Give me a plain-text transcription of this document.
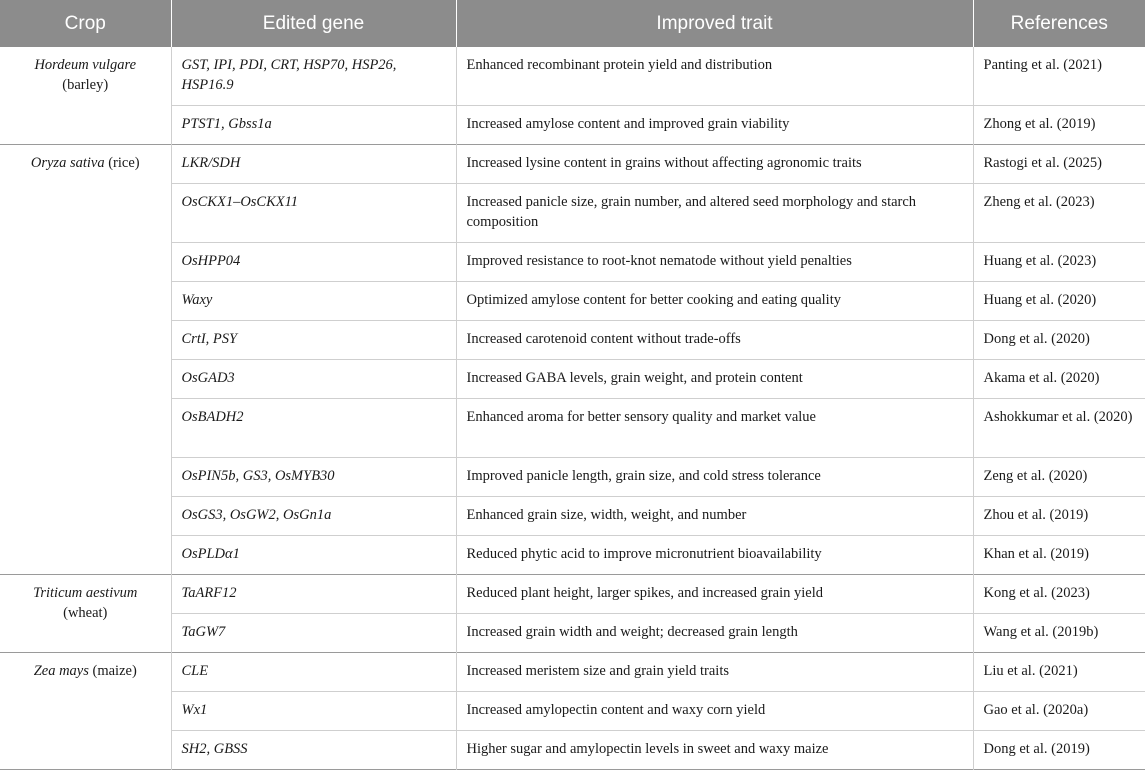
Crop	Edited gene	Improved trait	References
Hordeum vulgare
(barley)	GST, IPI, PDI, CRT, HSP70, HSP26, HSP16.9	Enhanced recombinant protein yield and distribution	Panting et al. (2021)
	PTST1, Gbss1a	Increased amylose content and improved grain viability	Zhong et al. (2019)
Oryza sativa (rice)	LKR/SDH	Increased lysine content in grains without affecting agronomic traits	Rastogi et al. (2025)
	OsCKX1–OsCKX11	Increased panicle size, grain number, and altered seed morphology and starch composition	Zheng et al. (2023)
	OsHPP04	Improved resistance to root-knot nematode without yield penalties	Huang et al. (2023)
	Waxy	Optimized amylose content for better cooking and eating quality	Huang et al. (2020)
	CrtI, PSY	Increased carotenoid content without trade-offs	Dong et al. (2020)
	OsGAD3	Increased GABA levels, grain weight, and protein content	Akama et al. (2020)
	OsBADH2	Enhanced aroma for better sensory quality and market value	Ashokkumar et al. (2020)
	OsPIN5b, GS3, OsMYB30	Improved panicle length, grain size, and cold stress tolerance	Zeng et al. (2020)
	OsGS3, OsGW2, OsGn1a	Enhanced grain size, width, weight, and number	Zhou et al. (2019)
	OsPLDα1	Reduced phytic acid to improve micronutrient bioavailability	Khan et al. (2019)
Triticum aestivum
(wheat)	TaARF12	Reduced plant height, larger spikes, and increased grain yield	Kong et al. (2023)
	TaGW7	Increased grain width and weight; decreased grain length	Wang et al. (2019b)
Zea mays (maize)	CLE	Increased meristem size and grain yield traits	Liu et al. (2021)
	Wx1	Increased amylopectin content and waxy corn yield	Gao et al. (2020a)
	SH2, GBSS	Higher sugar and amylopectin levels in sweet and waxy maize	Dong et al. (2019)
